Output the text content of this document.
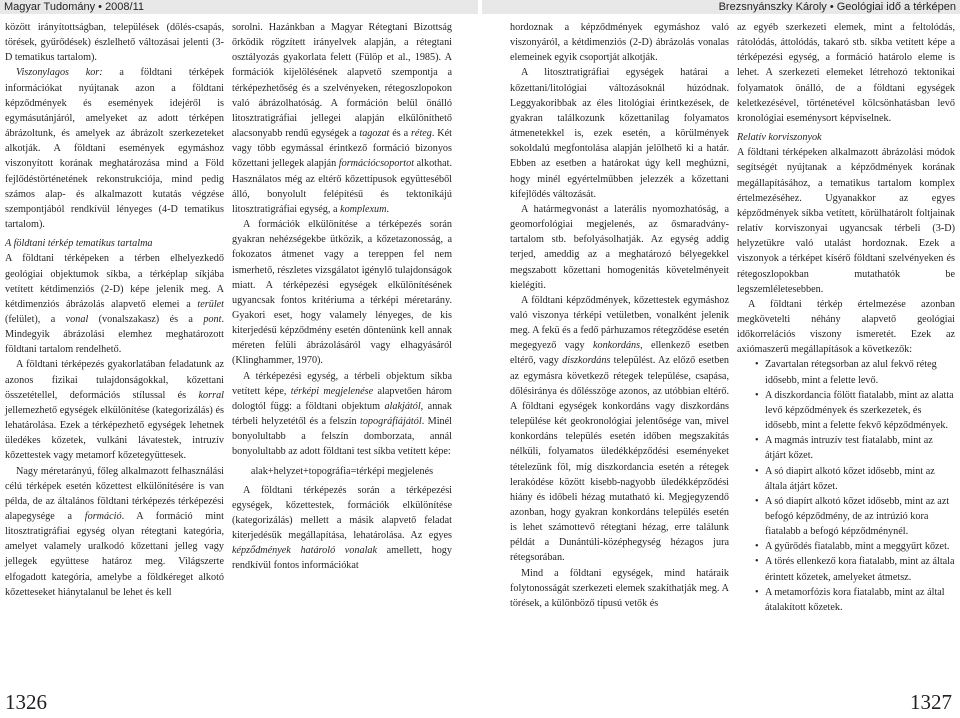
Magyar Tudomány • 2008/11	Brezsnyánszky Károly • Geológiai idő a térképen

között irányítottságban, települések (dőlés-csapás, törések, gyűrődések) észlelhető változásai jelenti (3-D tematikus tartalom).

Viszonylagos kor: a földtani térképek információkat nyújtanak azon a földtani képződmények és események idejéről is egymásutánjáról, amelyeket az adott térképen ábrázoltunk, és amelyek az ábrázolt szerkezeteket alkotják. A földtani események egymáshoz viszonyított korának meghatározása mind a Föld fejlődéstörténetének rekonstrukciója, mind pedig számos alap- és alkalmazott kutatás végzése szempontjából rendkívül lényeges (4-D tematikus tartalom).

A földtani térkép tematikus tartalma

A földtani térképeken a térben elhelyezkedő geológiai objektumok síkba, a térképlap síkjába vetített kétdimenziós (2-D) képe jelenik meg. A kétdimenziós ábrázolás alapvető elemei a terület (felület), a vonal (vonalszakasz) és a pont. Mindegyik ábrázolási elemhez meghatározott földtani tartalom rendelhető.

A földtani térképezés gyakorlatában feladatunk az azonos fizikai tulajdonságokkal, kőzettani összetétellel, deformációs stílussal és korral jellemezhető egységek elkülönítése (kategorizálás) és lehatárolása. Ezek a térképezhető egységek lehetnek üledékes kőzetek, vulkáni lávatestek, intruzív kőzettestek vagy metamorf kőzetegyüttesek.

Nagy méretarányú, főleg alkalmazott felhasználási célú térképek esetén kőzettest elkülönítésére is van példa, de az általános földtani térképezés térképezési alapegysége a formáció. A formáció mint litosztratigráfiai egység olyan rétegtani kategória, amelyet valamely uralkodó kőzettani jelleg vagy jellegek együttese határoz meg. Világszerte elfogadott kategória, amelybe a földkéreget alkotó kőzetteseket hiánytalanul be lehet és kell

sorolni. Hazánkban a Magyar Rétegtani Bizottság őrködik rögzített irányelvek alapján, a rétegtani osztályozás gyakorlata felett (Fülöp et al., 1985). A formációk kijelölésének alapvető szempontja a térképezhetőség és a szelvényeken, rétegoszlopokon való ábrázolhatóság. A formáción belül önálló litosztratigráfiai jellegei alapján elkülöníthető alacsonyabb rendű egységek a tagozat és a réteg. Két vagy több egymással érintkező formáció bizonyos kőzettani jellegek alapján formációcsoportot alkothat. Használatos még az eltérő kőzettípusok együtteséből álló, bonyolult felépítésű és tektonikájú litosztratigráfiai egység, a komplexum.

A formációk elkülönítése a térképezés során gyakran nehézségekbe ütközik, a kőzetazonosság, a fokozatos átmenet vagy a tereppen fel nem ismerhető, részletes vizsgálatot igénylő tulajdonságok miatt. A térképezési egységek elkülönítésének ugyancsak fontos kritériuma a térképi méretarány. Gyakori eset, hogy valamely lényeges, de kis kiterjedésű képződmény esetén döntenünk kell annak méreten felüli ábrázolásáról vagy elhagyásáról (Klinghammer, 1970).

A térképezési egység, a térbeli objektum síkba vetített képe, térképi megjelenése alapvetően három dologtól függ: a földtani objektum alakjától, annak térbeli helyzetétől és a felszín topográfiájától. Minél bonyolultabb a felszín domborzata, annál bonyolultabb az adott földtani test síkba vetített képe:

alak+helyzet+topográfia=térképi megjelenés

A földtani térképezés során a térképezési egységek, kőzettestek, formációk elkülönítése (kategorizálás) mellett a másik alapvető feladat kiterjedésük megállapítása, lehatárolása. Az egyes képződmények határoló vonalak amellett, hogy rendkívül fontos információkat

hordoznak a képződmények egymáshoz való viszonyáról, a kétdimenziós (2-D) ábrázolás vonalas elemeinek egyik csoportját alkotják.

A litosztratigráfiai egységek határai a kőzettani/litológiai változásoknál húzódnak. Leggyakoribbak az éles litológiai érintkezések, de gyakran találkozunk kőzettanilag folyamatos átmenetekkel is, ezek esetén, a körülmények sokoldalú megfontolása alapján jelölhető ki a határ. Ebben az esetben a határokat úgy kell meghúzni, hogy minél egyértelműbben jelezzék a kőzettani kifejlődés változását.

A határmegvonást a laterális nyomozhatóság, a geomorfológiai megjelenés, az ősmaradvány-tartalom stb. befolyásolhatják. Az egység addig terjed, ameddig az a meghatározó bélyegekkel megszabott kőzettani homogenitás követelményeit kielégíti.

A földtani képződmények, kőzettestek egymáshoz való viszonya térképi vetületben, vonalként jelenik meg. A fekü és a fedő párhuzamos rétegződése esetén megegyező vagy konkordáns, ellenkező esetben eltérő, vagy diszkordáns települést. Az előző esetben az egymásra következő rétegek települése, csapása, dőlésiránya és dőlésszöge azonos, az utóbbian eltérő. A földtani egységek konkordáns vagy diszkordáns települése két geokronológiai jelentősége van, mivel konkordáns település esetén időben megszakítás nélküli, folyamatos üledékképződési eseményeket tételezünk föl, míg diszkordancia esetén a rétegek lerakódése között kisebb-nagyobb üledékképződési hiány és időbeli hézag mutatható ki. Megjegyzendő azonban, hogy gyakran konkordáns település esetén is lehet számottevő rétegtani hézag, erre találunk példát a Dunántúli-középhegység hézagos jura rétegsorában.

Mind a földtani egységek, mind határaik folytonosságát szerkezeti elemek szakíthatják meg. A törések, a különböző típusú vetők és

az egyéb szerkezeti elemek, mint a feltolódás, rátolódás, áttolódás, takaró stb. síkba vetített képe a térképezési egység, a formáció határolo eleme is lehet. A szerkezeti elemeket létrehozó tektonikai folyamatok önálló, de a földtani egységek keletkezésével, történetével kölcsönhatásban levő kronológiai eseménysort képviselnek.

Relatív korviszonyok

A földtani térképeken alkalmazott ábrázolási módok segítségét nyújtanak a képződmények korának megállapításához, a tematikus tartalom komplex értelmezéséhez. Ugyanakkor az egyes képződmények síkba vetített, körülhatárolt foltjainak relatív korviszonyai ugyancsak térbeli (3-D) helyzetükre való utalást hordoznak. Ezek a viszonyok a térképet kísérő földtani szelvényeken és rétegoszlopokban mutathatók be legszemléletesebben.

A földtani térkép értelmezése azonban megkövetelti néhány alapvető geológiai időkorrelációs viszony ismeretét. Ezek az axiómaszerű megállapítások a következők:

• Zavartalan rétegsorban az alul fekvő réteg idősebb, mint a felette levő.
• A diszkordancia fölött fiatalabb, mint az alatta levő képződmények és szerkezetek, és idősebb, mint a felette fekvő képződmények.
• A magmás intruzív test fiatalabb, mint az átjárt kőzet.
• A só diapirt alkotó kőzet idősebb, mint az általa átjárt kőzet.
• A só diapírt alkotó kőzet idősebb, mint az azt befogó képződmény, de az intrúzió kora fiatalabb a befogó képződménynél.
• A gyűrődés fiatalabb, mint a meggyűrt kőzet.
• A törés ellenkező kora fiatalabb, mint az általa érintett kőzetek, amelyeket átmetsz.
• A metamorfózis kora fiatalabb, mint az által átalakított kőzetek.
1326	1327
